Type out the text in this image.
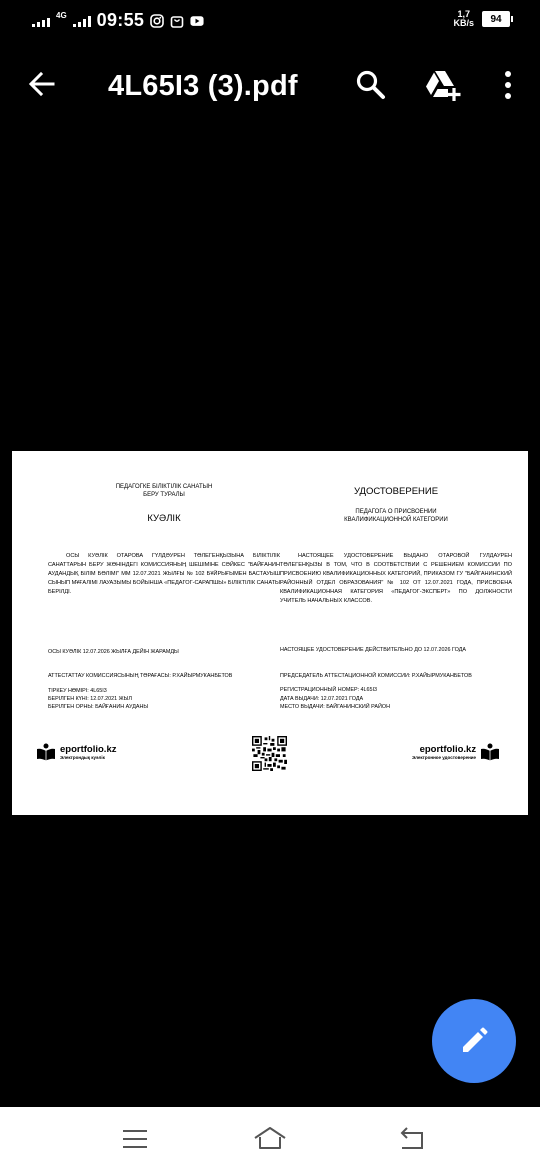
4G 09:55	1,7
KB/s 94
4L65I3 (3).pdf
ПЕДАГОГКЕ БІЛІКТІЛІК САНАТЫН
БЕРУ ТУРАЛЫ
КУӘЛІК
ОСЫ КУӘЛІК ОТАРОВА ГҮЛДӘУРЕН ТӨЛЕГЕНҚЫЗЫНА БІЛІКТІЛІК САНАТТАРЫН БЕРУ ЖӨНІНДЕГІ КОМИССИЯНЫҢ ШЕШІМІНЕ СӘЙКЕС "БАЙҒАНИН АУДАНДЫҚ БІЛІМ БӨЛІМІ" ММ 12.07.2021 ЖЫЛҒЫ № 102 БҰЙРЫҒЫМЕН БАСТАУЫШ СЫНЫП МҰҒАЛІМІ ЛАУАЗЫМЫ БОЙЫНША «ПЕДАГОГ-САРАПШЫ» БІЛІКТІЛІК САНАТЫ БЕРІЛДІ.
ОСЫ КУӘЛІК 12.07.2026 ЖЫЛҒА ДЕЙІН ЖАРАМДЫ
АТТЕСТАТТАУ КОМИССИЯСЫНЫҢ ТӨРАҒАСЫ: Р.ХАЙЫРМУКАНБЕТОВ
ТІРКЕУ НӨМІРІ: 4L65I3
БЕРІЛГЕН КҮНІ: 12.07.2021 ЖЫЛ
БЕРІЛГЕН ОРНЫ: БАЙҒАНИН АУДАНЫ
eportfolio.kz
Электрондық куәлік
УДОСТОВЕРЕНИЕ
ПЕДАГОГА О ПРИСВОЕНИИ
КВАЛИФИКАЦИОННОЙ КАТЕГОРИИ
НАСТОЯЩЕЕ УДОСТОВЕРЕНИЕ ВЫДАНО ОТАРОВОЙ ГУЛДАУРЕН ТӨЛЕГЕНҚЫЗЫ В ТОМ, ЧТО В СООТВЕТСТВИИ С РЕШЕНИЕМ КОМИССИИ ПО ПРИСВОЕНИЮ КВАЛИФИКАЦИОННЫХ КАТЕГОРИЙ, ПРИКАЗОМ ГУ "БАЙГАНИНСКИЙ РАЙОННЫЙ ОТДЕЛ ОБРАЗОВАНИЯ" № 102 ОТ 12.07.2021 ГОДА, ПРИСВОЕНА КВАЛИФИКАЦИОННАЯ КАТЕГОРИЯ «ПЕДАГОГ-ЭКСПЕРТ» ПО ДОЛЖНОСТИ УЧИТЕЛЬ НАЧАЛЬНЫХ КЛАССОВ.
НАСТОЯЩЕЕ УДОСТОВЕРЕНИЕ ДЕЙСТВИТЕЛЬНО ДО 12.07.2026 ГОДА
ПРЕДСЕДАТЕЛЬ АТТЕСТАЦИОННОЙ КОМИССИИ: Р.ХАЙЫРМУКАНБЕТОВ
РЕГИСТРАЦИОННЫЙ НОМЕР: 4L65I3
ДАТА ВЫДАЧИ: 12.07.2021 ГОДА
МЕСТО ВЫДАЧИ: БАЙГАНИНСКИЙ РАЙОН
eportfolio.kz
Электронное удостоверение
